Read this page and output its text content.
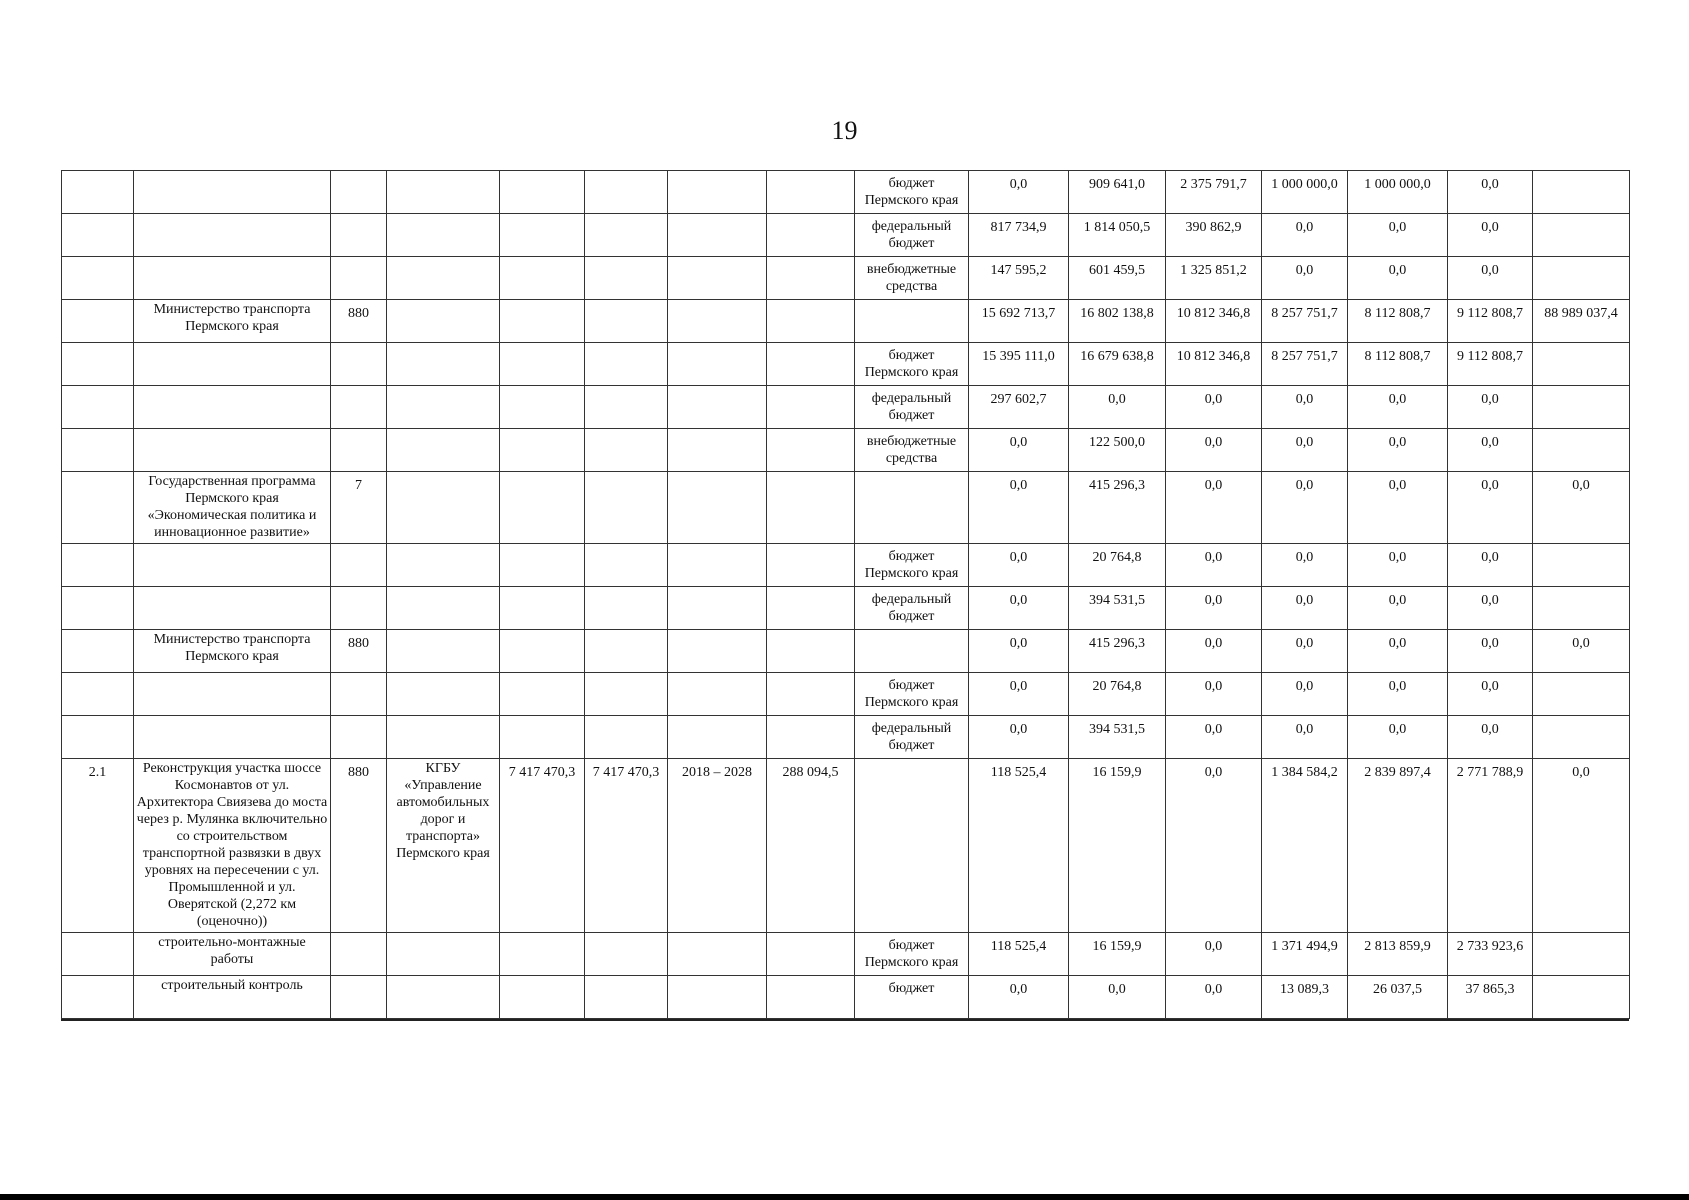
19
								бюджет Пермского края	0,0	909 641,0	2 375 791,7	1 000 000,0	1 000 000,0	0,0	
								федеральный бюджет	817 734,9	1 814 050,5	390 862,9	0,0	0,0	0,0	
								внебюджетные средства	147 595,2	601 459,5	1 325 851,2	0,0	0,0	0,0	
	Министерство транспорта Пермского края	880							15 692 713,7	16 802 138,8	10 812 346,8	8 257 751,7	8 112 808,7	9 112 808,7	88 989 037,4
								бюджет Пермского края	15 395 111,0	16 679 638,8	10 812 346,8	8 257 751,7	8 112 808,7	9 112 808,7	
								федеральный бюджет	297 602,7	0,0	0,0	0,0	0,0	0,0	
								внебюджетные средства	0,0	122 500,0	0,0	0,0	0,0	0,0	
	Государственная программа Пермского края «Экономическая политика и инновационное развитие»	7							0,0	415 296,3	0,0	0,0	0,0	0,0	0,0
								бюджет Пермского края	0,0	20 764,8	0,0	0,0	0,0	0,0	
								федеральный бюджет	0,0	394 531,5	0,0	0,0	0,0	0,0	
	Министерство транспорта Пермского края	880							0,0	415 296,3	0,0	0,0	0,0	0,0	0,0
								бюджет Пермского края	0,0	20 764,8	0,0	0,0	0,0	0,0	
								федеральный бюджет	0,0	394 531,5	0,0	0,0	0,0	0,0	
2.1	Реконструкция участка шоссе Космонавтов от ул. Архитектора Свиязева до моста через р. Мулянка включительно со строительством транспортной развязки в двух уровнях на пересечении с ул. Промышленной и ул. Оверятской (2,272 км (оценочно))	880	КГБУ «Управление автомобильных дорог и транспорта» Пермского края	7 417 470,3	7 417 470,3	2018 – 2028	288 094,5		118 525,4	16 159,9	0,0	1 384 584,2	2 839 897,4	2 771 788,9	0,0
	строительно-монтажные работы							бюджет Пермского края	118 525,4	16 159,9	0,0	1 371 494,9	2 813 859,9	2 733 923,6	
	строительный контроль							бюджет	0,0	0,0	0,0	13 089,3	26 037,5	37 865,3	
